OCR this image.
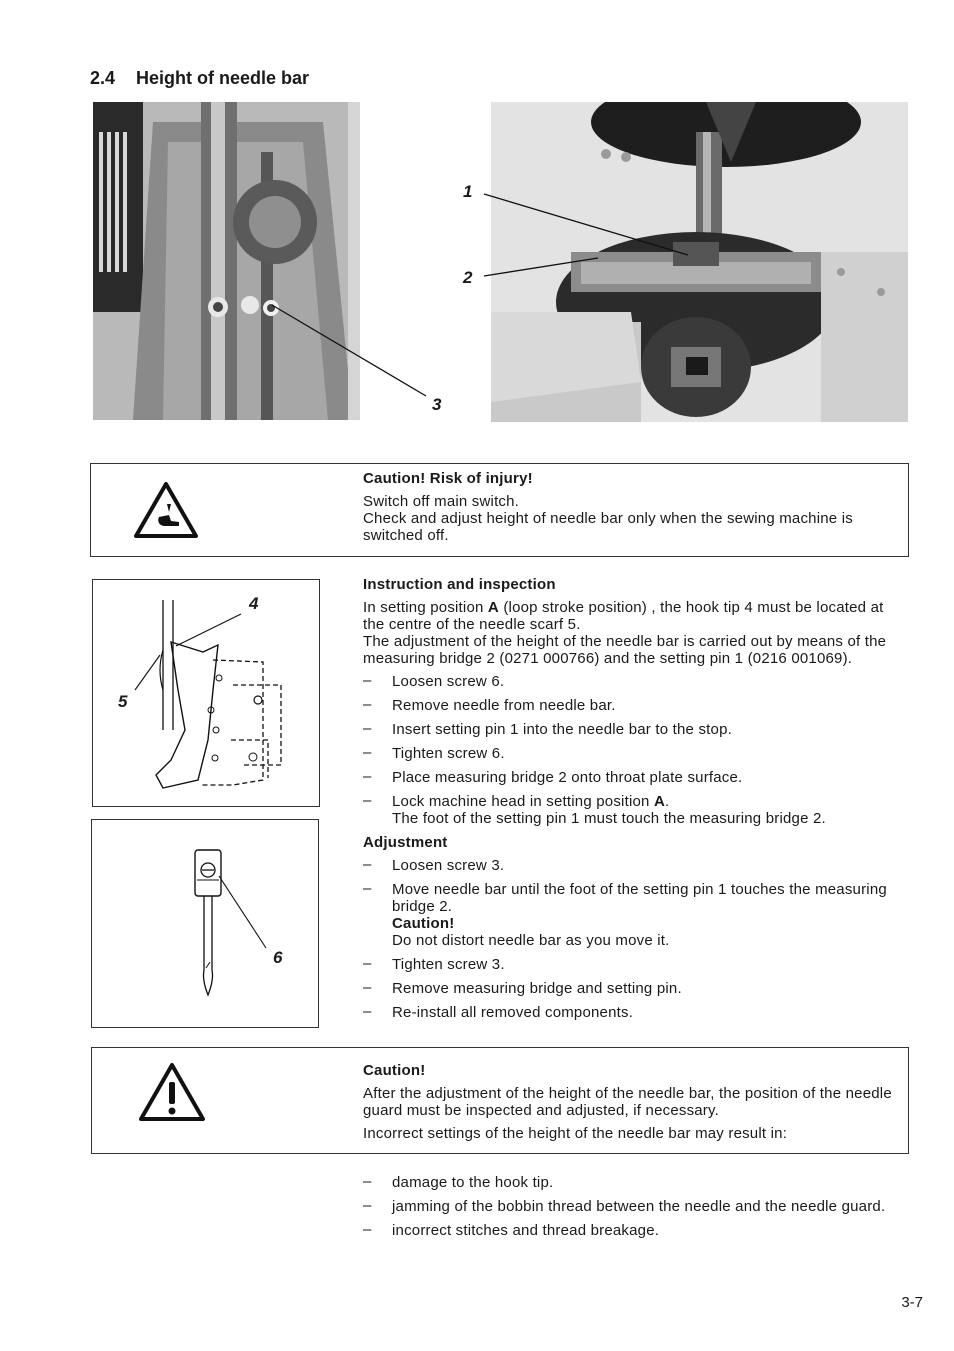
2.4 Height of needle bar
1
2
3
Caution! Risk of injury!
Switch off main switch.
Check and adjust height of needle bar only when the sewing machine is switched off.
4
5
6
Instruction and inspection
In setting position A (loop stroke position) , the hook tip 4 must be located at the centre of the needle scarf 5.
The adjustment of the height of the needle bar is carried out by means of the measuring bridge 2 (0271 000766) and the setting pin 1 (0216 001069).
– Loosen screw 6.
– Remove needle from needle bar.
– Insert setting pin 1 into the needle bar to the stop.
– Tighten screw 6.
– Place measuring bridge 2 onto throat plate surface.
– Lock machine head in setting position A.
The foot of the setting pin 1 must touch the measuring bridge 2.
Adjustment
– Loosen screw 3.
– Move needle bar until the foot of the setting pin 1 touches the measuring bridge 2.
Caution!
Do not distort needle bar as you move it.
– Tighten screw 3.
– Remove measuring bridge and setting pin.
– Re-install all removed components.
Caution!
After the adjustment of the height of the needle bar, the position of the needle guard must be inspected and adjusted, if necessary.
Incorrect settings of the height of the needle bar may result in:
– damage to the hook tip.
– jamming of the bobbin thread between the needle and the needle guard.
– incorrect stitches and thread breakage.
3-7
